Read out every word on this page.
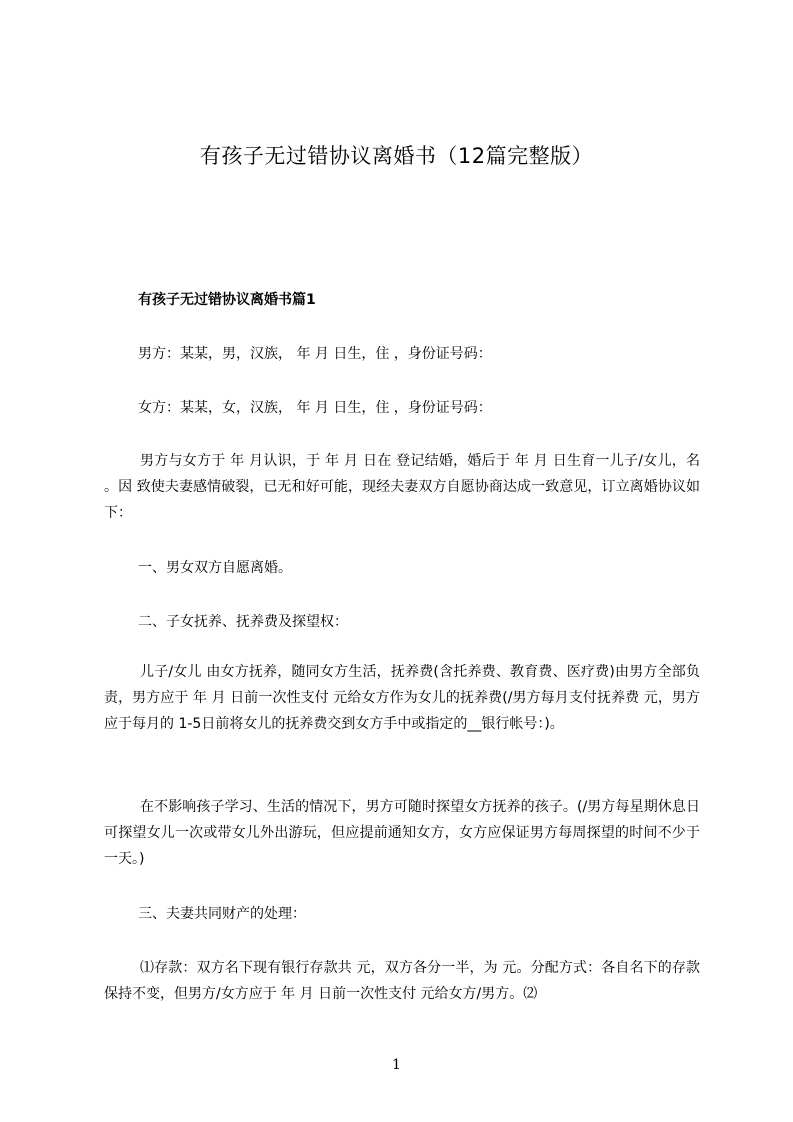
有孩子无过错协议离婚书（12篇完整版）
有孩子无过错协议离婚书篇1
男方：某某，男，汉族， 年 月 日生，住 ，身份证号码：
女方：某某，女，汉族， 年 月 日生，住 ，身份证号码：
男方与女方于 年 月认识，于 年 月 日在 登记结婚，婚后于 年 月 日生育一儿子/女儿，名 。因 致使夫妻感情破裂，已无和好可能，现经夫妻双方自愿协商达成一致意见，订立离婚协议如下：
一、男女双方自愿离婚。
二、子女抚养、抚养费及探望权：
儿子/女儿 由女方抚养，随同女方生活，抚养费(含托养费、教育费、医疗费)由男方全部负责，男方应于 年 月 日前一次性支付 元给女方作为女儿的抚养费(/男方每月支付抚养费 元，男方应于每月的 1-5日前将女儿的抚养费交到女方手中或指定的__银行帐号：)。
在不影响孩子学习、生活的情况下，男方可随时探望女方抚养的孩子。(/男方每星期休息日可探望女儿一次或带女儿外出游玩，但应提前通知女方，女方应保证男方每周探望的时间不少于一天。)
三、夫妻共同财产的处理：
⑴存款：双方名下现有银行存款共 元，双方各分一半，为 元。分配方式：各自名下的存款保持不变，但男方/女方应于 年 月 日前一次性支付 元给女方/男方。⑵
1
